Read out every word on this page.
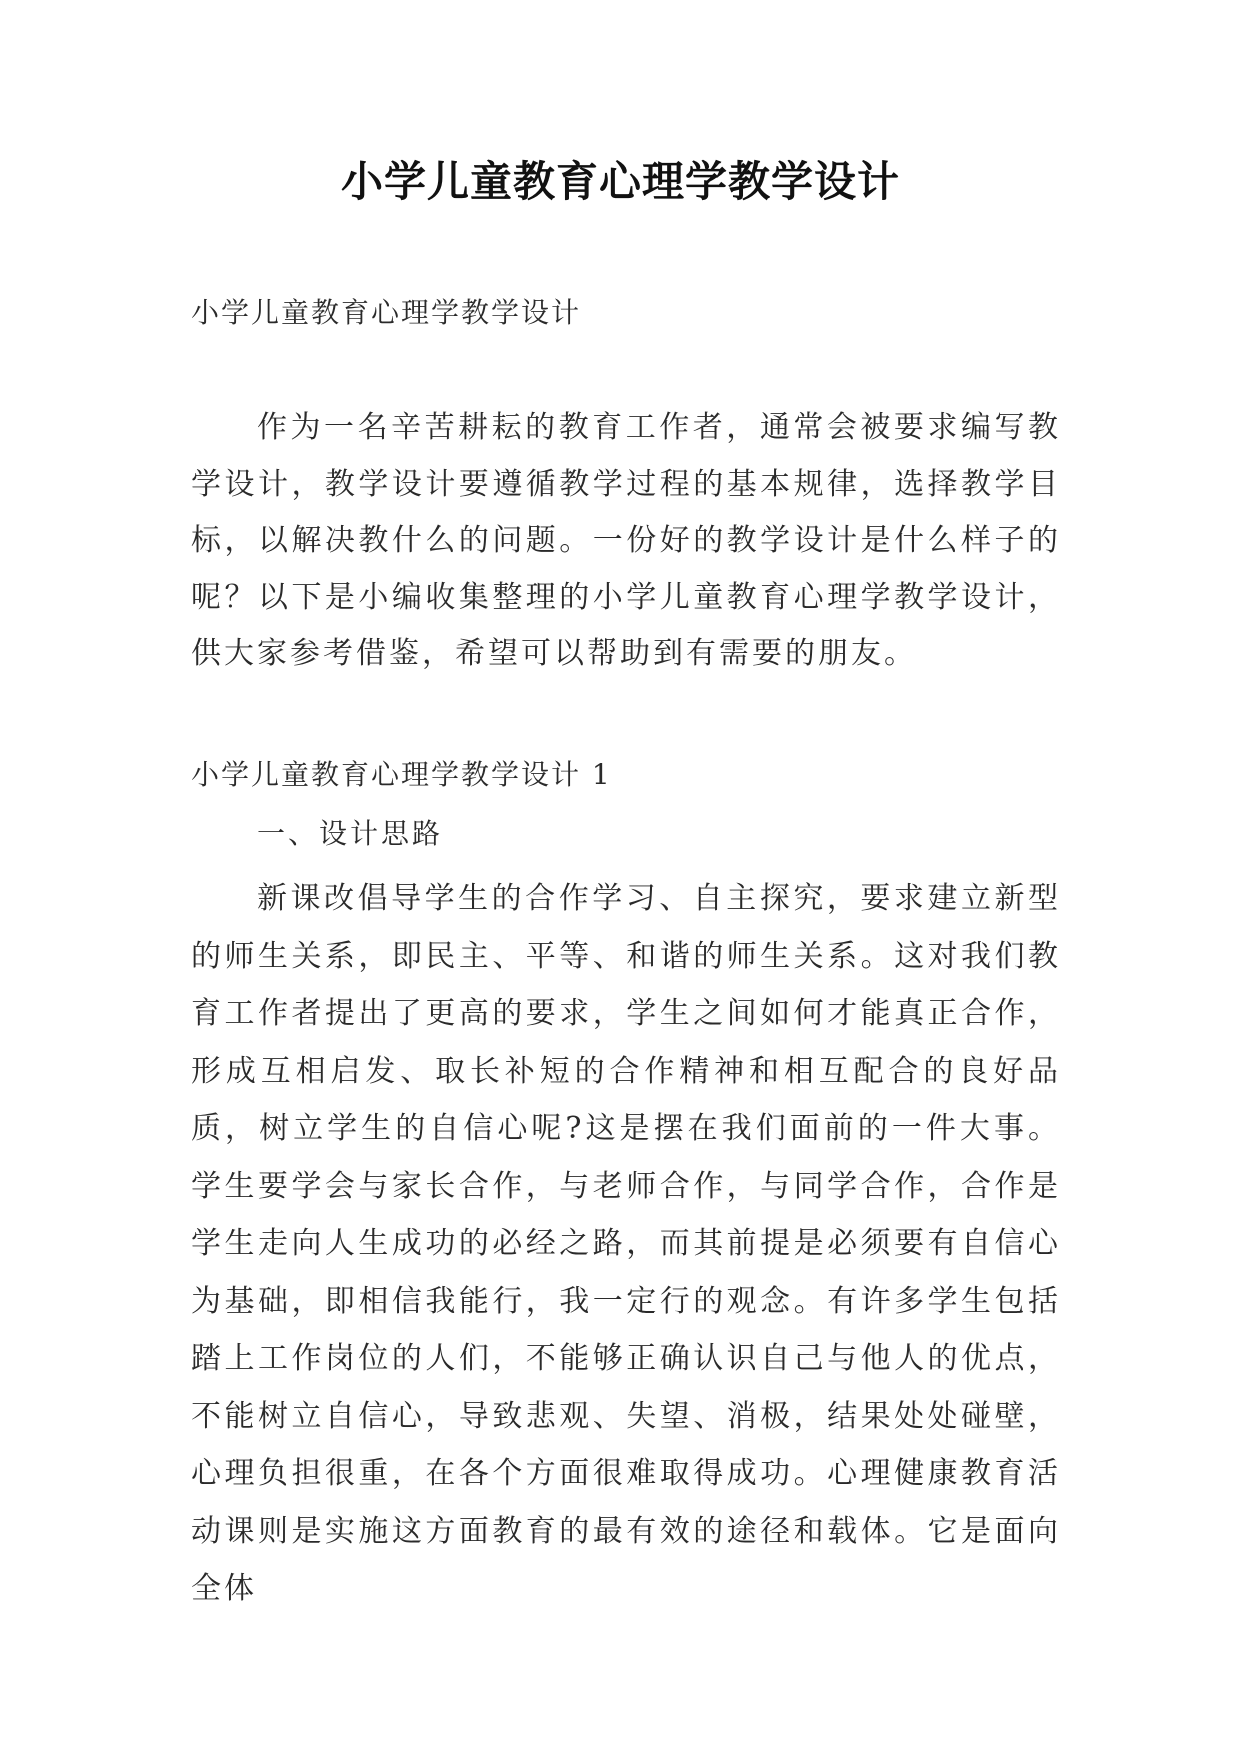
小学儿童教育心理学教学设计
小学儿童教育心理学教学设计

作为一名辛苦耕耘的教育工作者，通常会被要求编写教学设计，教学设计要遵循教学过程的基本规律，选择教学目标，以解决教什么的问题。一份好的教学设计是什么样子的呢？以下是小编收集整理的小学儿童教育心理学教学设计，供大家参考借鉴，希望可以帮助到有需要的朋友。

小学儿童教育心理学教学设计 1
一、设计思路

新课改倡导学生的合作学习、自主探究，要求建立新型的师生关系，即民主、平等、和谐的师生关系。这对我们教育工作者提出了更高的要求，学生之间如何才能真正合作，形成互相启发、取长补短的合作精神和相互配合的良好品质，树立学生的自信心呢?这是摆在我们面前的一件大事。学生要学会与家长合作，与老师合作，与同学合作，合作是学生走向人生成功的必经之路，而其前提是必须要有自信心为基础，即相信我能行，我一定行的观念。有许多学生包括踏上工作岗位的人们，不能够正确认识自己与他人的优点，不能树立自信心，导致悲观、失望、消极，结果处处碰壁，心理负担很重，在各个方面很难取得成功。心理健康教育活动课则是实施这方面教育的最有效的途径和载体。它是面向全体
